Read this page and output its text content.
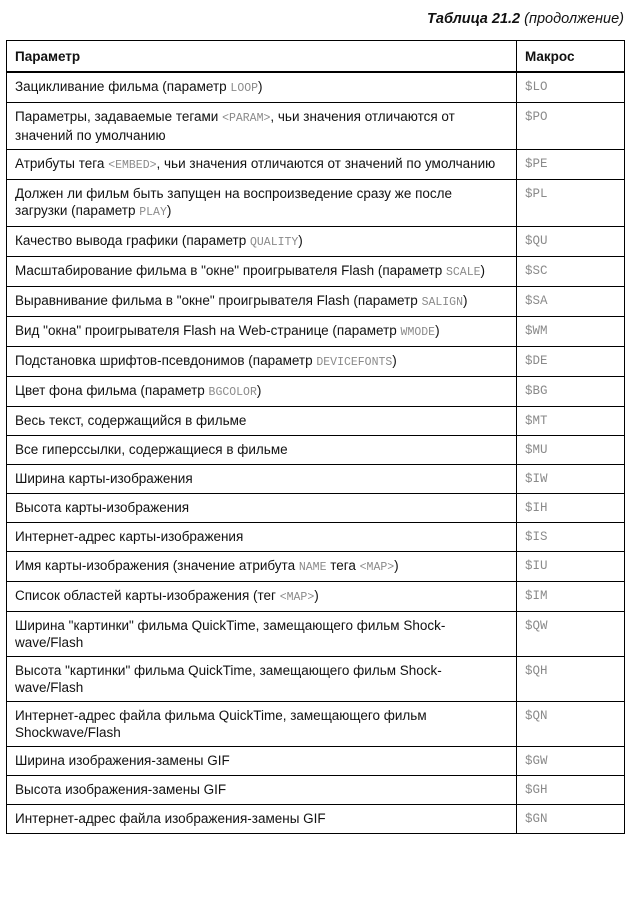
Таблица 21.2 (продолжение)
Параметр	Макрос
Зацикливание фильма (параметр LOOP)	$LO
Параметры, задаваемые тегами <PARAM>, чьи значения отличаются от значений по умолчанию	$PO
Атрибуты тега <EMBED>, чьи значения отличаются от значений по умолчанию	$PE
Должен ли фильм быть запущен на воспроизведение сразу же после загрузки (параметр PLAY)	$PL
Качество вывода графики (параметр QUALITY)	$QU
Масштабирование фильма в "окне" проигрывателя Flash (параметр SCALE)	$SC
Выравнивание фильма в "окне" проигрывателя Flash (параметр SALIGN)	$SA
Вид "окна" проигрывателя Flash на Web-странице (параметр WMODE)	$WM
Подстановка шрифтов-псевдонимов (параметр DEVICEFONTS)	$DE
Цвет фона фильма (параметр BGCOLOR)	$BG
Весь текст, содержащийся в фильме	$MT
Все гиперссылки, содержащиеся в фильме	$MU
Ширина карты-изображения	$IW
Высота карты-изображения	$IH
Интернет-адрес карты-изображения	$IS
Имя карты-изображения (значение атрибута NAME тега <MAP>)	$IU
Список областей карты-изображения (тег <MAP>)	$IM
Ширина "картинки" фильма QuickTime, замещающего фильм Shock-wave/Flash	$QW
Высота "картинки" фильма QuickTime, замещающего фильм Shock-wave/Flash	$QH
Интернет-адрес файла фильма QuickTime, замещающего фильм Shockwave/Flash	$QN
Ширина изображения-замены GIF	$GW
Высота изображения-замены GIF	$GH
Интернет-адрес файла изображения-замены GIF	$GN
